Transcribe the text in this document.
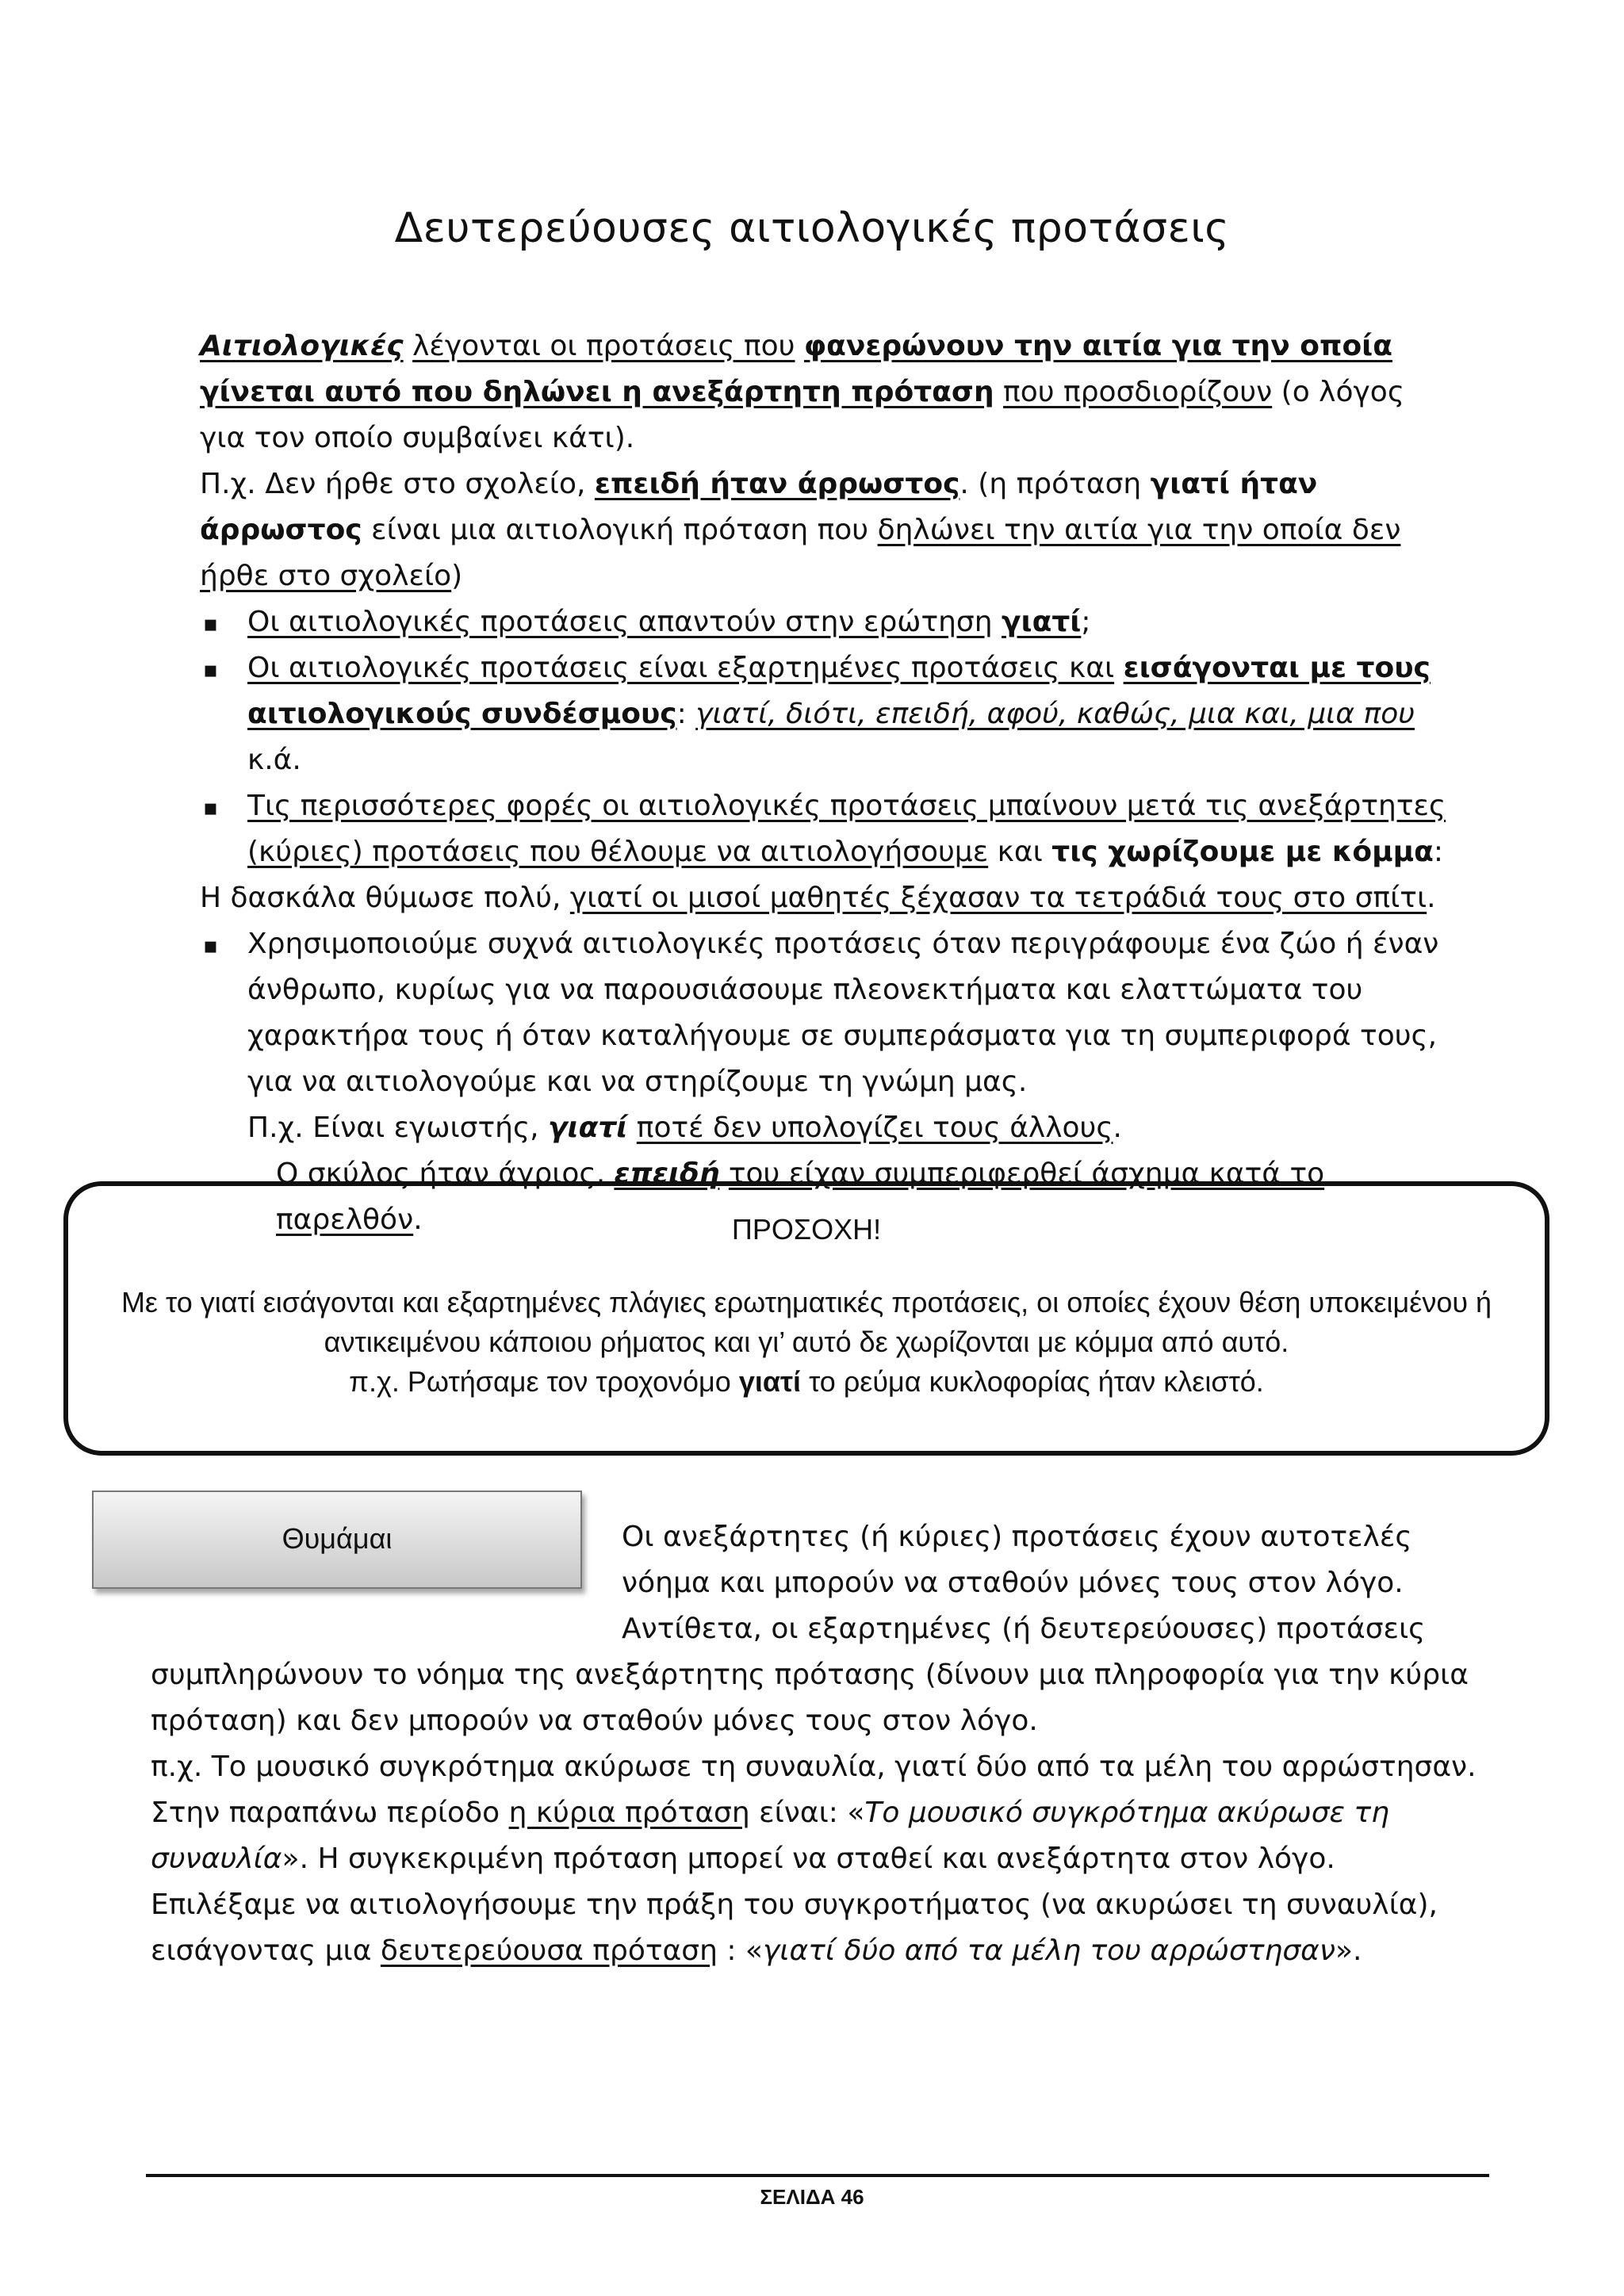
Δευτερεύουσες αιτιολογικές προτάσεις

Αιτιολογικές λέγονται οι προτάσεις που φανερώνουν την αιτία για την οποία γίνεται αυτό που δηλώνει η ανεξάρτητη πρόταση που προσδιορίζουν (ο λόγος για τον οποίο συμβαίνει κάτι).

Π.χ. Δεν ήρθε στο σχολείο, επειδή ήταν άρρωστος. (η πρόταση γιατί ήταν άρρωστος είναι μια αιτιολογική πρόταση που δηλώνει την αιτία για την οποία δεν ήρθε στο σχολείο)

▪ Οι αιτιολογικές προτάσεις απαντούν στην ερώτηση γιατί;
▪ Οι αιτιολογικές προτάσεις είναι εξαρτημένες προτάσεις και εισάγονται με τους αιτιολογικούς συνδέσμους: γιατί, διότι, επειδή, αφού, καθώς, μια και, μια που κ.ά.
▪ Τις περισσότερες φορές οι αιτιολογικές προτάσεις μπαίνουν μετά τις ανεξάρτητες (κύριες) προτάσεις που θέλουμε να αιτιολογήσουμε και τις χωρίζουμε με κόμμα:

Η δασκάλα θύμωσε πολύ, γιατί οι μισοί μαθητές ξέχασαν τα τετράδιά τους στο σπίτι.

▪ Χρησιμοποιούμε συχνά αιτιολογικές προτάσεις όταν περιγράφουμε ένα ζώο ή έναν άνθρωπο, κυρίως για να παρουσιάσουμε πλεονεκτήματα και ελαττώματα του χαρακτήρα τους ή όταν καταλήγουμε σε συμπεράσματα για τη συμπεριφορά τους, για να αιτιολογούμε και να στηρίζουμε τη γνώμη μας.

Π.χ. Είναι εγωιστής, γιατί ποτέ δεν υπολογίζει τους άλλους.

Ο σκύλος ήταν άγριος, επειδή του είχαν συμπεριφερθεί άσχημα κατά το παρελθόν.	ΠΡΟΣΟΧΗ!
Με το γιατί εισάγονται και εξαρτημένες πλάγιες ερωτηματικές προτάσεις, οι οποίες έχουν θέση υποκειμένου ή αντικειμένου κάποιου ρήματος και γι’ αυτό δε χωρίζονται με κόμμα από αυτό.
π.χ. Ρωτήσαμε τον τροχονόμο γιατί το ρεύμα κυκλοφορίας ήταν κλειστό.
Θυμάμαι	Οι ανεξάρτητες (ή κύριες) προτάσεις έχουν αυτοτελές νόημα και μπορούν να σταθούν μόνες τους στον λόγο.

Αντίθετα, οι εξαρτημένες (ή δευτερεύουσες) προτάσεις

συμπληρώνουν το νόημα της ανεξάρτητης πρότασης (δίνουν μια πληροφορία για την κύρια πρόταση) και δεν μπορούν να σταθούν μόνες τους στον λόγο.

π.χ. Το μουσικό συγκρότημα ακύρωσε τη συναυλία, γιατί δύο από τα μέλη του αρρώστησαν.

Στην παραπάνω περίοδο η κύρια πρόταση είναι: «Το μουσικό συγκρότημα ακύρωσε τη συναυλία». Η συγκεκριμένη πρόταση μπορεί να σταθεί και ανεξάρτητα στον λόγο.

Επιλέξαμε να αιτιολογήσουμε την πράξη του συγκροτήματος (να ακυρώσει τη συναυλία), εισάγοντας μια δευτερεύουσα πρόταση : «γιατί δύο από τα μέλη του αρρώστησαν».

ΣΕΛΙΔΑ 46
